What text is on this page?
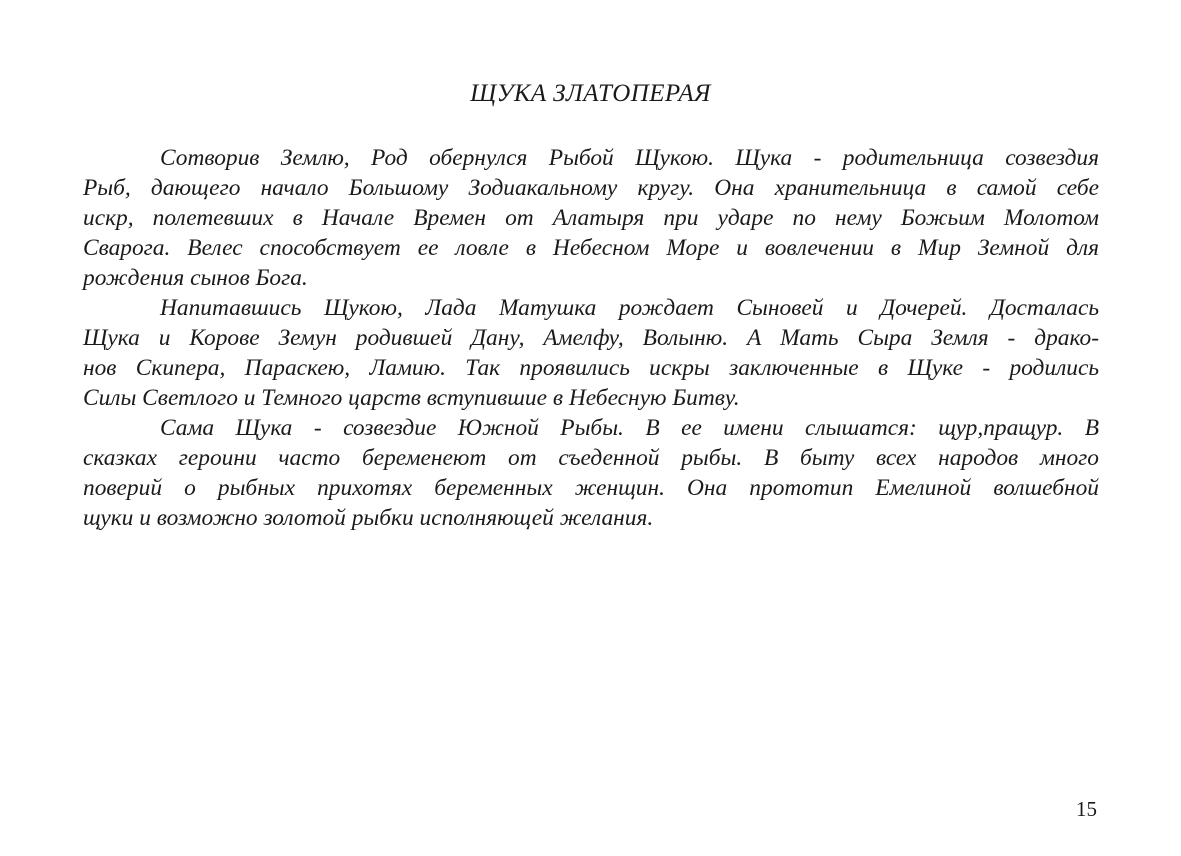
ЩУКА ЗЛАТОПЕРАЯ
Сотворив Землю, Род обернулся Рыбой Щукою. Щука - родительница созвездия
Рыб, дающего начало Большому Зодиакальному кругу. Она хранительница в самой себе
искр, полетевших в Начале Времен от Алатыря при ударе по нему Божьим Молотом
Сварога. Велес способствует ее ловле в Небесном Море и вовлечении в Мир Земной для
рождения сынов Бога.
Напитавшись Щукою, Лада Матушка рождает Сыновей и Дочерей. Досталась
Щука и Корове Земун родившей Дану, Амелфу, Волыню. А Мать Сыра Земля - драко-
нов Скипера, Параскею, Ламию. Так проявились искры заключенные в Щуке - родились
Силы Светлого и Темного царств вступившие в Небесную Битву.
Сама Щука - созвездие Южной Рыбы. В ее имени слышатся: щур,пращур. В
сказках героини часто беременеют от съеденной рыбы. В быту всех народов много
поверий о рыбных прихотях беременных женщин. Она прототип Емелиной волшебной
щуки и возможно золотой рыбки исполняющей желания.
15
